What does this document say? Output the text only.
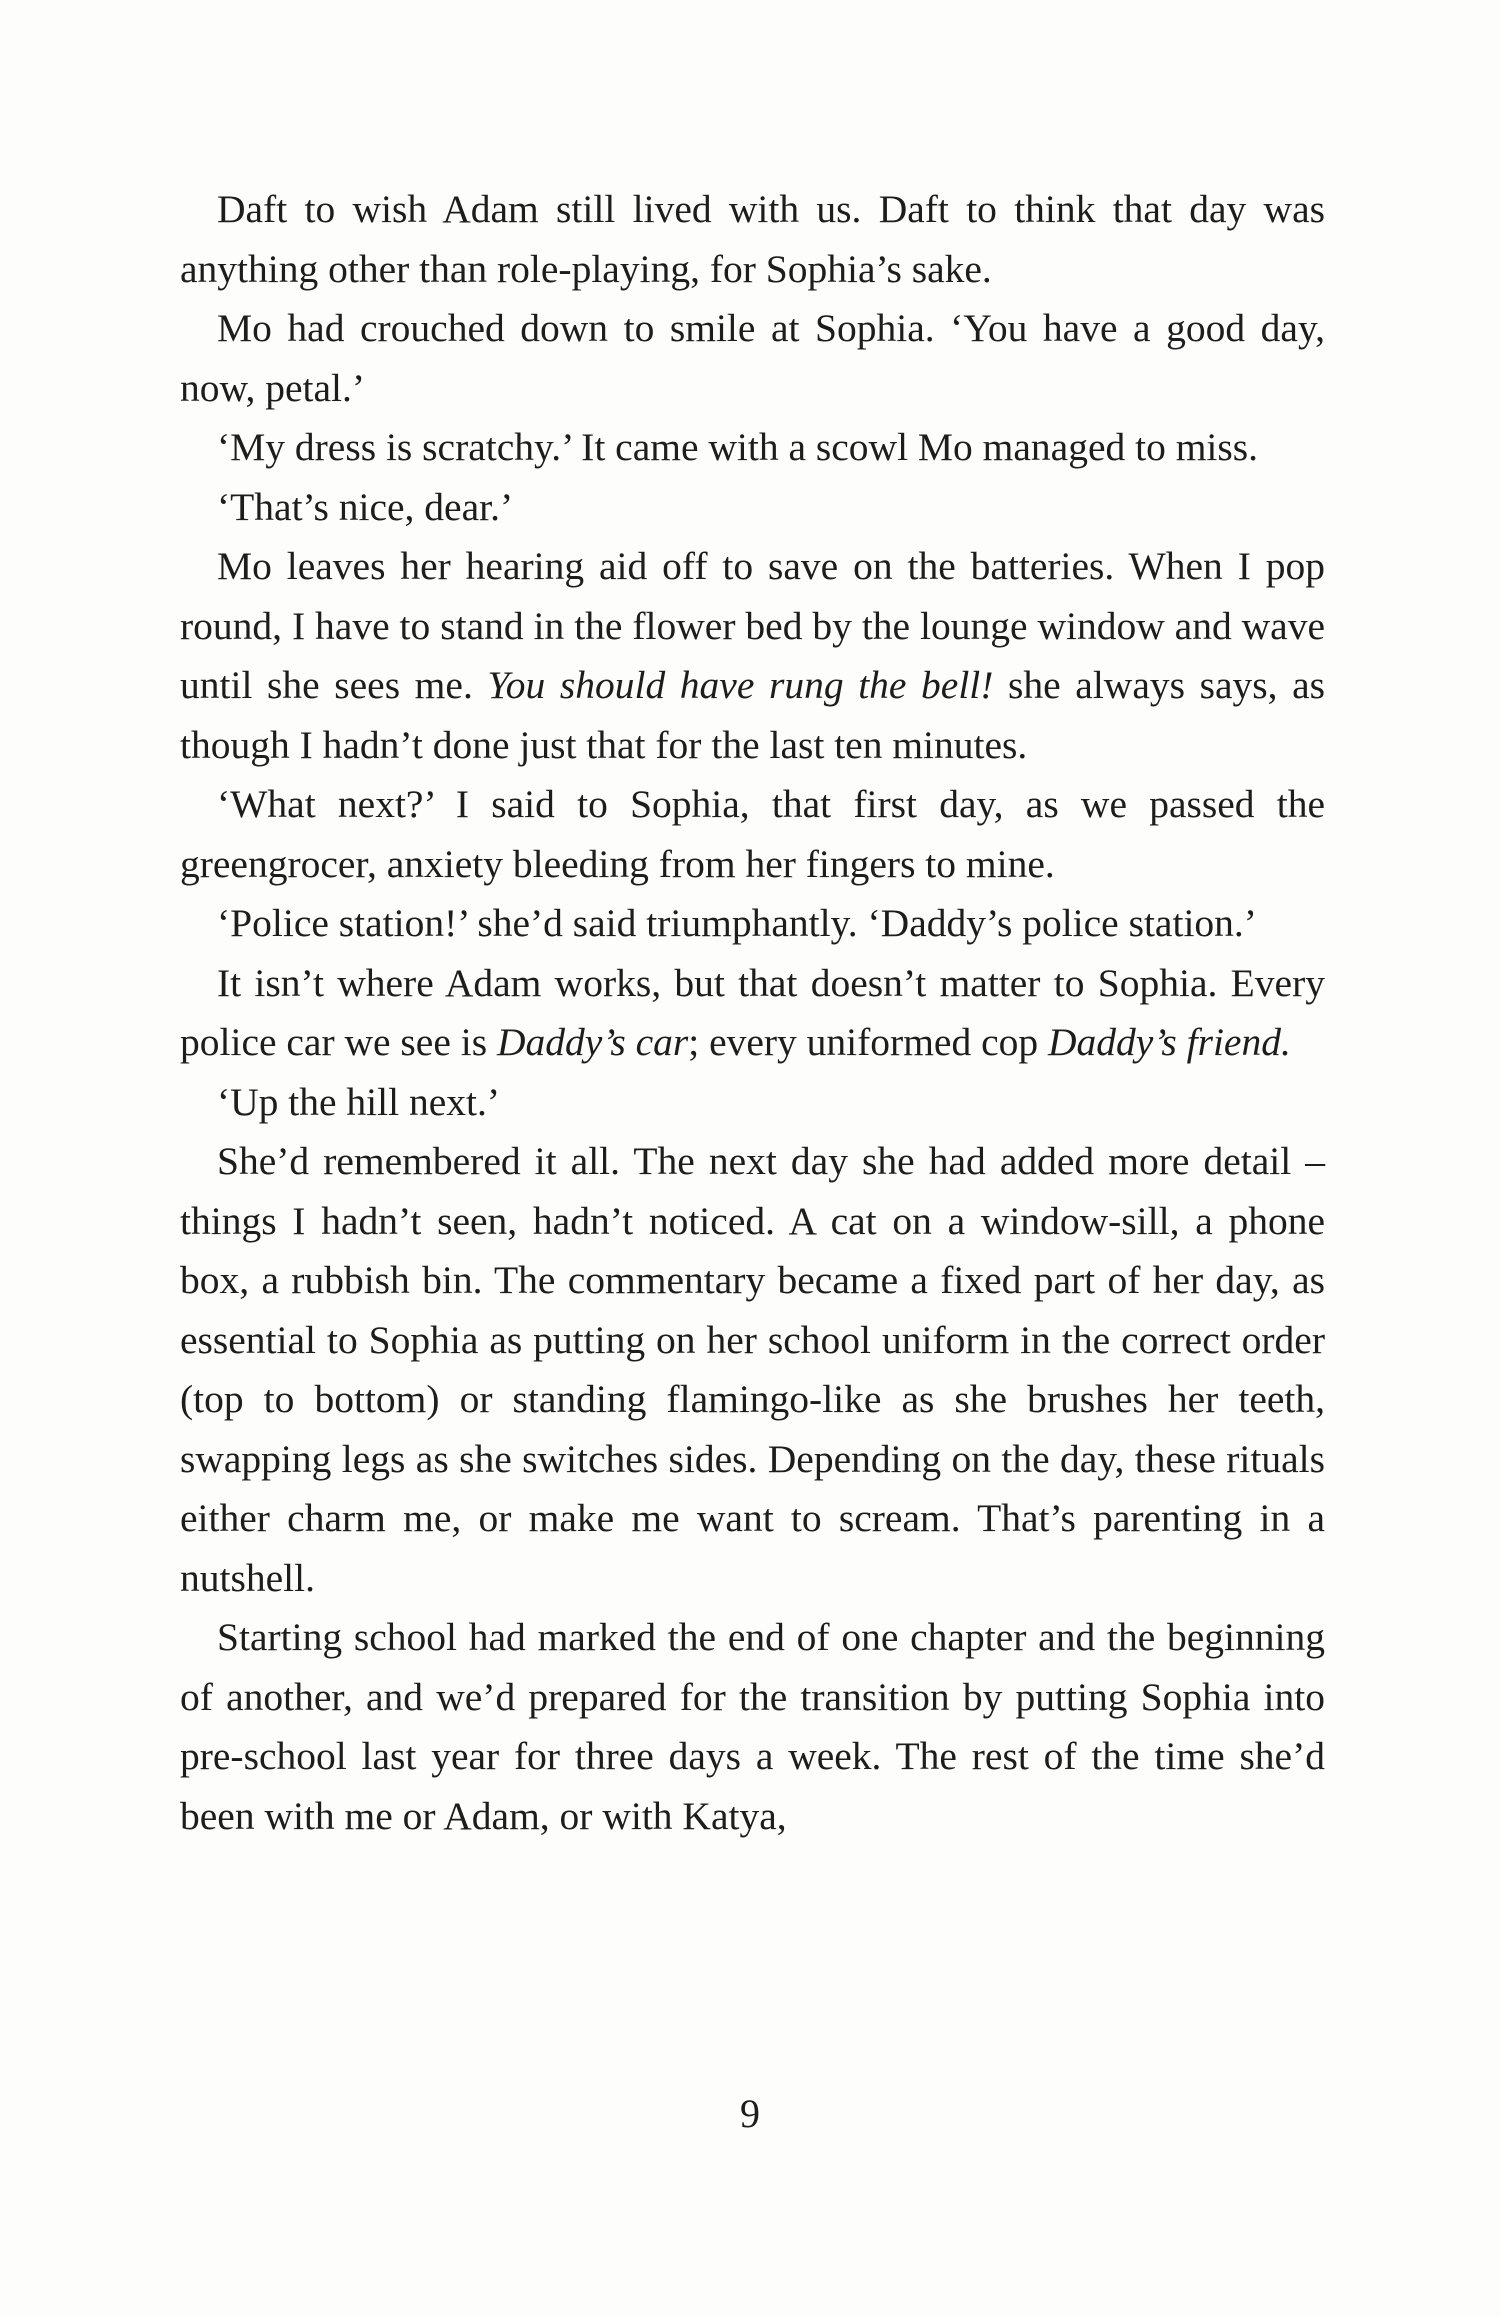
Daft to wish Adam still lived with us. Daft to think that day was anything other than role-playing, for Sophia’s sake.

Mo had crouched down to smile at Sophia. ‘You have a good day, now, petal.’

‘My dress is scratchy.’ It came with a scowl Mo managed to miss.

‘That’s nice, dear.’

Mo leaves her hearing aid off to save on the batteries. When I pop round, I have to stand in the flower bed by the lounge window and wave until she sees me. You should have rung the bell! she always says, as though I hadn’t done just that for the last ten minutes.

‘What next?’ I said to Sophia, that first day, as we passed the greengrocer, anxiety bleeding from her fingers to mine.

‘Police station!’ she’d said triumphantly. ‘Daddy’s police station.’

It isn’t where Adam works, but that doesn’t matter to Sophia. Every police car we see is Daddy’s car; every uniformed cop Daddy’s friend.

‘Up the hill next.’

She’d remembered it all. The next day she had added more detail – things I hadn’t seen, hadn’t noticed. A cat on a window-sill, a phone box, a rubbish bin. The commentary became a fixed part of her day, as essential to Sophia as putting on her school uniform in the correct order (top to bottom) or standing flamingo-like as she brushes her teeth, swapping legs as she switches sides. Depending on the day, these rituals either charm me, or make me want to scream. That’s parenting in a nutshell.

Starting school had marked the end of one chapter and the beginning of another, and we’d prepared for the transition by putting Sophia into pre-school last year for three days a week. The rest of the time she’d been with me or Adam, or with Katya,

9
